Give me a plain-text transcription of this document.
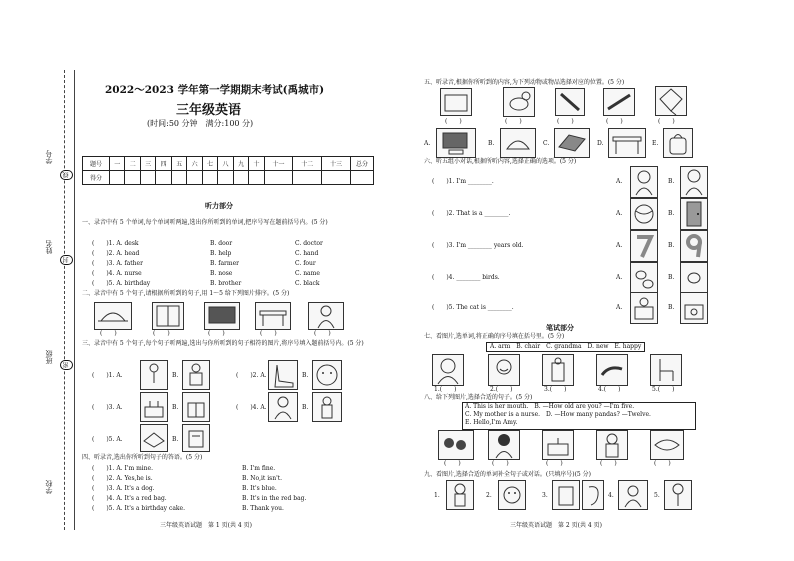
学校
班级
姓名
学号
密
封
线
2022～2023 学年第一学期期末考试(禹城市)
三年级英语
(时间:50 分钟　满分:100 分)
题号	一	二	三	四	五	六	七	八	九	十	十一	十二	十三	总分
得分														
听力部分
一、录音中有 5 个单词,每个单词听两遍,选出你所听到的单词,把序号写在题前括号内。(5 分)
(　　)1. A. desk	B. door	C. doctor
(　　)2. A. head	B. help	C. hand
(　　)3. A. father	B. farmer	C. four
(　　)4. A. nurse	B. nose	C. name
(　　)5. A. birthday	B. brother	C. black
二、录音中有 5 个句子,请根据所听到的句子,用 1～5 给下列图片排序。(5 分)
(　　)	(　　)	(　　)	(　　)	(　　)
三、录音中有 5 个句子,每个句子听两遍,选出与你所听到的句子相符的图片,将序号填入题前括号内。(5 分)
(　　)1. A.	B.	(　　)2. A.	B.
(　　)3. A.	B.	(　　)4. A.	B.
(　　)5. A.	B.
四、听录音,选出你所听到句子的答语。(5 分)
(　　)1. A. I'm mine.	B. I'm fine.
(　　)2. A. Yes,he is.	B. No,it isn't.
(　　)3. A. It's a dog.	B. It's blue.
(　　)4. A. It's a red bag.	B. It's in the red bag.
(　　)5. A. It's a birthday cake.	B. Thank you.
三年级英语试题　第 1 页(共 4 页)
五、听录音,根据你所听到的内容,为下列动物或物品选择对应的位置。(5 分)
(　　)	(　　)	(　　)	(　　)	(　　)
A.	B.	C.	D.	E.
六、听五组小对话,根据所听内容,选择正确的选项。(5 分)
(　　)1. I'm ________.	A.	B.
(　　)2. That is a ________.	A.	B.
(　　)3. I'm ________ years old.	A.	B.
(　　)4. ________ birds.	A.	B.
(　　)5. The cat is ________.	A.	B.
笔试部分
七、看图片,选单词,将正确的序号填在括号里。(5 分)
A. arm　B. chair　C. grandma　D. new　E. happy
1.(　　)	2.(　　)	3.(　　)	4.(　　)	5.(　　)
八、给下列图片,选择合适的句子。(5 分)
A. This is her mouth.　B. —How old are you? —I'm five.
C. My mother is a nurse.　D. —How many pandas? —Twelve.
E. Hello,I'm Amy.
(　　)	(　　)	(　　)	(　　)	(　　)
九、看图片,选择合适的单词补全句子或对话。(只填序号)(5 分)
1.	2.	3.	4.	5.
三年级英语试题　第 2 页(共 4 页)
